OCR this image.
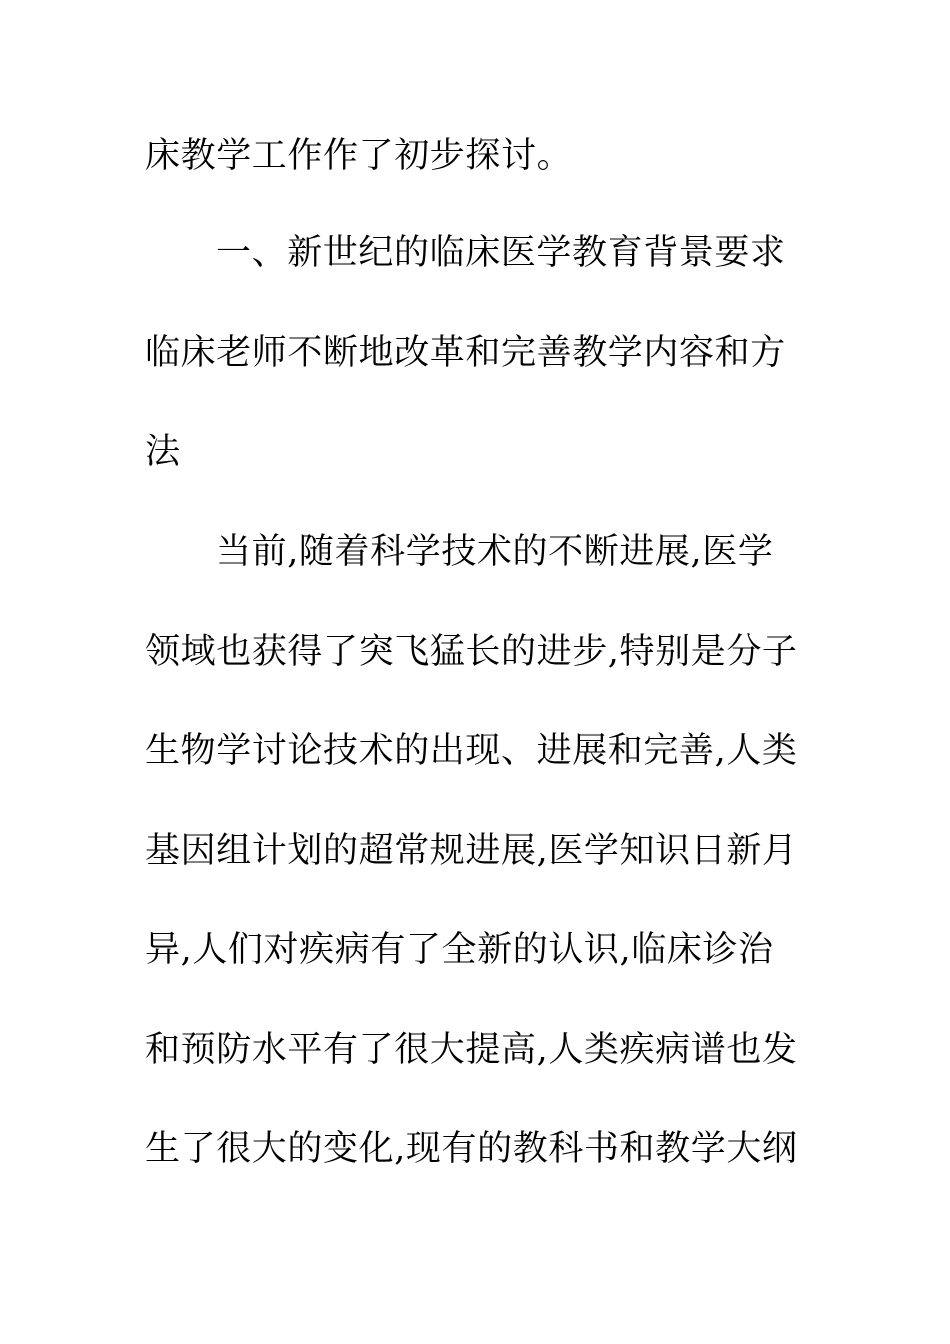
床教学工作作了初步探讨。
一、新世纪的临床医学教育背景要求
临床老师不断地改革和完善教学内容和方
法
当前,随着科学技术的不断进展,医学
领域也获得了突飞猛长的进步,特别是分子
生物学讨论技术的出现、进展和完善,人类
基因组计划的超常规进展,医学知识日新月
异,人们对疾病有了全新的认识,临床诊治
和预防水平有了很大提高,人类疾病谱也发
生了很大的变化,现有的教科书和教学大纲
